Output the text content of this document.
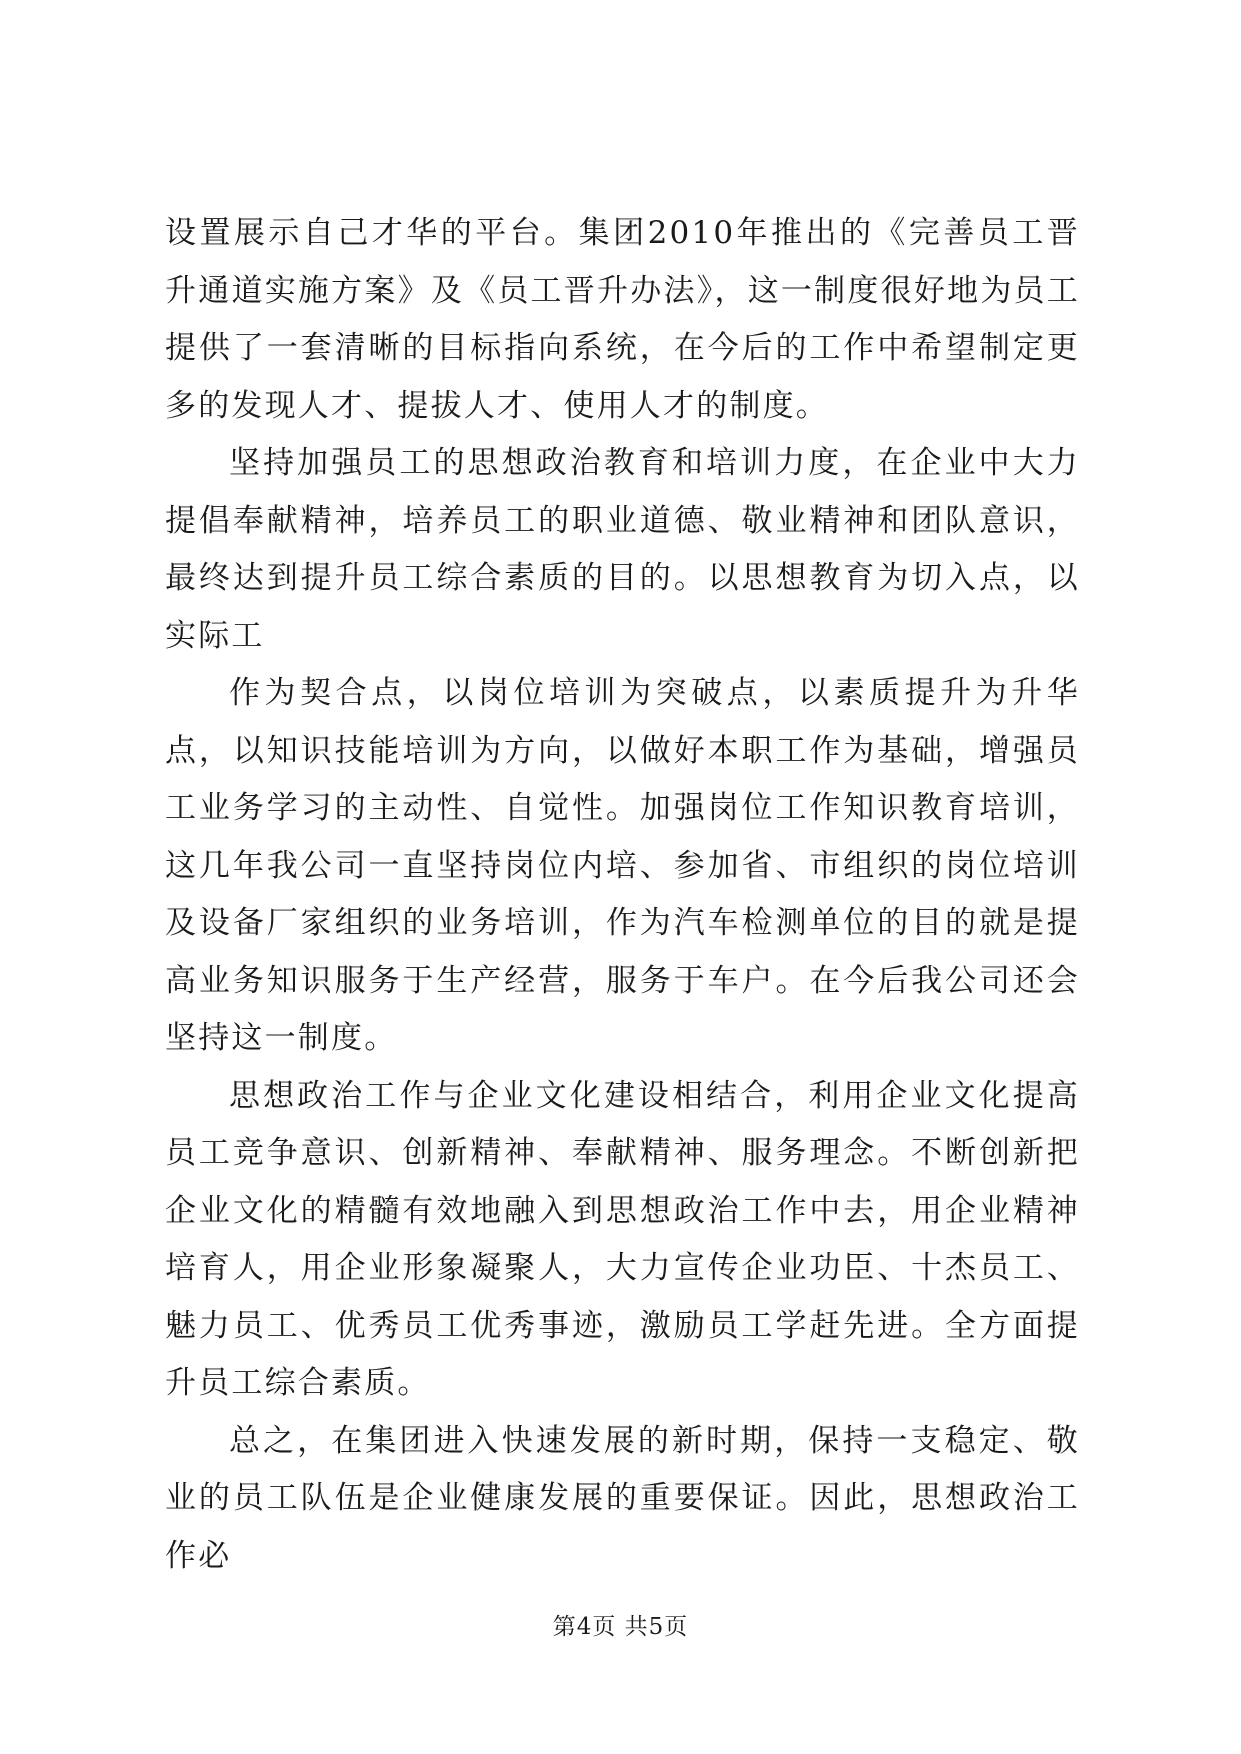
设置展示自己才华的平台。集团2010年推出的《完善员工晋升通道实施方案》及《员工晋升办法》，这一制度很好地为员工提供了一套清晰的目标指向系统，在今后的工作中希望制定更多的发现人才、提拔人才、使用人才的制度。

坚持加强员工的思想政治教育和培训力度，在企业中大力提倡奉献精神，培养员工的职业道德、敬业精神和团队意识，最终达到提升员工综合素质的目的。以思想教育为切入点，以实际工

作为契合点，以岗位培训为突破点，以素质提升为升华点，以知识技能培训为方向，以做好本职工作为基础，增强员工业务学习的主动性、自觉性。加强岗位工作知识教育培训，这几年我公司一直坚持岗位内培、参加省、市组织的岗位培训及设备厂家组织的业务培训，作为汽车检测单位的目的就是提高业务知识服务于生产经营，服务于车户。在今后我公司还会坚持这一制度。

思想政治工作与企业文化建设相结合，利用企业文化提高员工竞争意识、创新精神、奉献精神、服务理念。不断创新把企业文化的精髓有效地融入到思想政治工作中去，用企业精神培育人，用企业形象凝聚人，大力宣传企业功臣、十杰员工、魅力员工、优秀员工优秀事迹，激励员工学赶先进。全方面提升员工综合素质。

总之，在集团进入快速发展的新时期，保持一支稳定、敬业的员工队伍是企业健康发展的重要保证。因此，思想政治工作必

第4页 共5页
